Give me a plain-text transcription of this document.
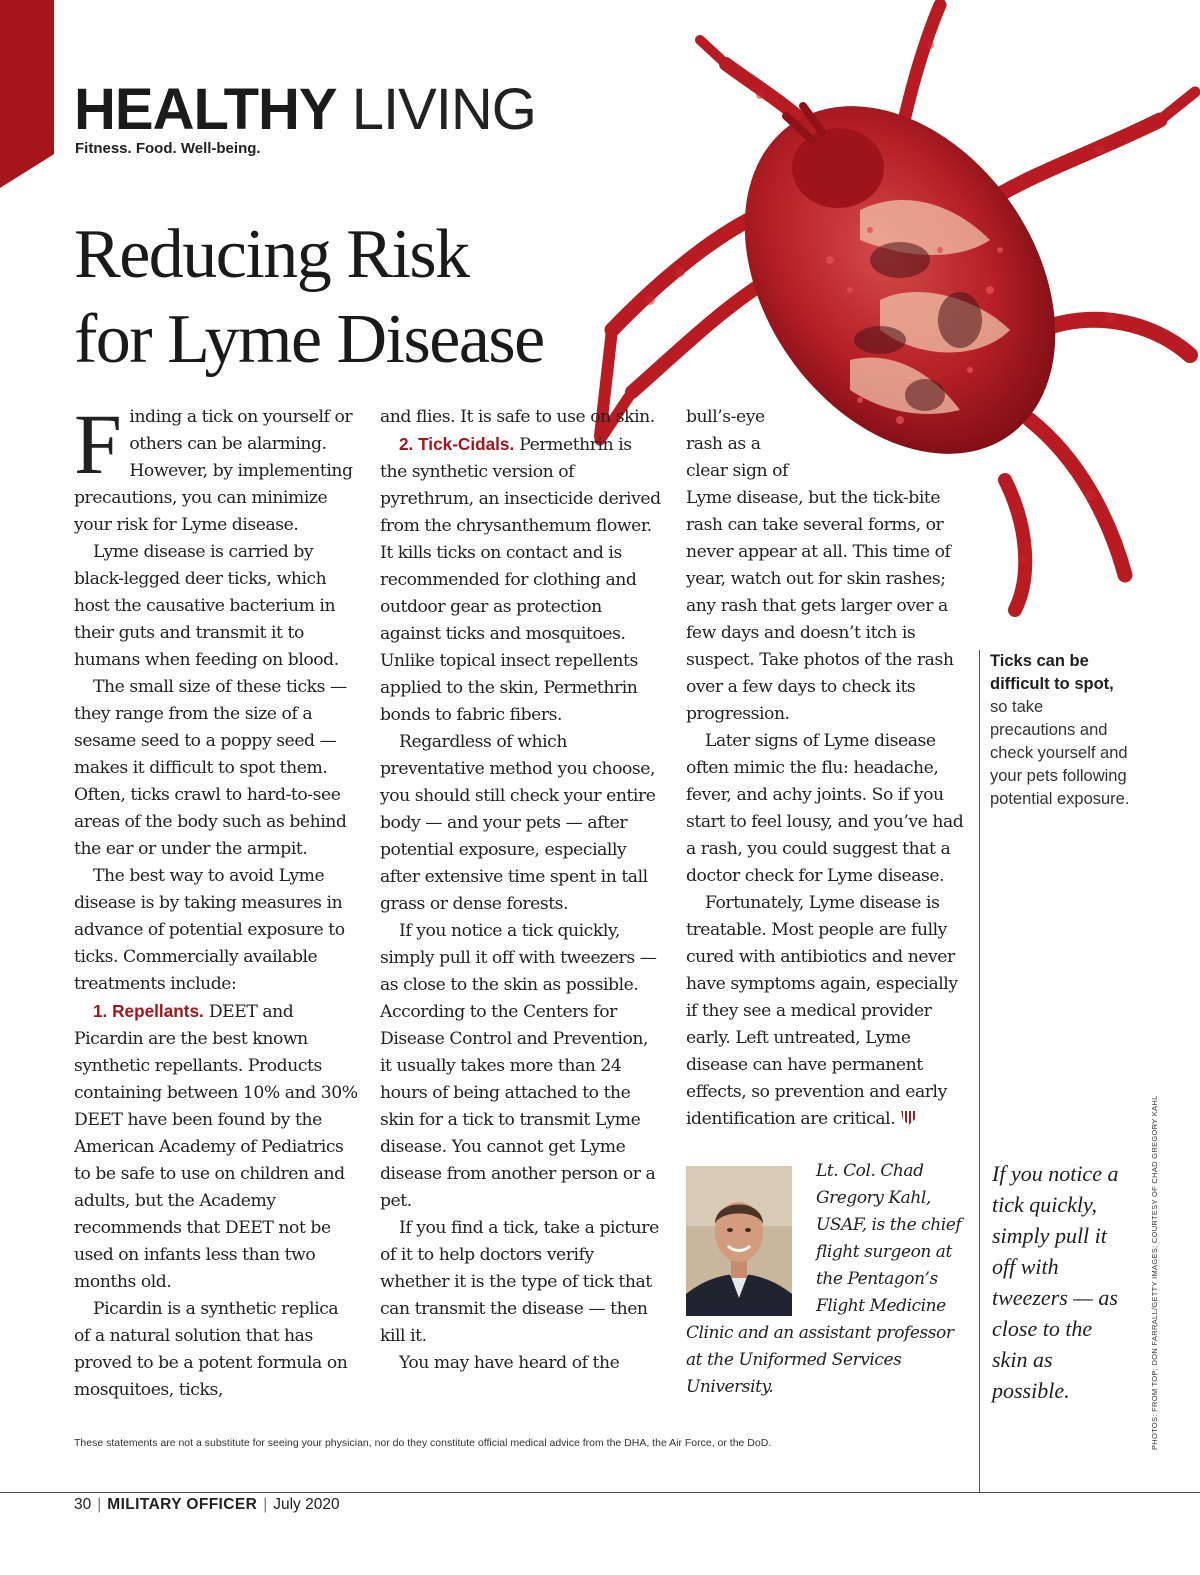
HEALTHY LIVING
Fitness. Food. Well-being.
Reducing Risk
for Lyme Disease

Finding a tick on yourself or others can be alarming. However, by implementing precautions, you can minimize your risk for Lyme disease.

Lyme disease is carried by black-legged deer ticks, which host the causative bacterium in their guts and transmit it to humans when feeding on blood.

The small size of these ticks — they range from the size of a sesame seed to a poppy seed — makes it difficult to spot them. Often, ticks crawl to hard-to-see areas of the body such as behind the ear or under the armpit.

The best way to avoid Lyme disease is by taking measures in advance of potential exposure to ticks. Commercially available treatments include:

1. Repellants. DEET and Picardin are the best known synthetic repellants. Products containing between 10% and 30% DEET have been found by the American Academy of Pediatrics to be safe to use on children and adults, but the Academy recommends that DEET not be used on infants less than two months old.

Picardin is a synthetic replica of a natural solution that has proved to be a potent formula on mosquitoes, ticks,

and flies. It is safe to use on skin.

2. Tick-Cidals. Permethrin is the synthetic version of pyrethrum, an insecticide derived from the chrysanthemum flower. It kills ticks on contact and is recommended for clothing and outdoor gear as protection against ticks and mosquitoes. Unlike topical insect repellents applied to the skin, Permethrin bonds to fabric fibers.

Regardless of which preventative method you choose, you should still check your entire body — and your pets — after potential exposure, especially after extensive time spent in tall grass or dense forests.

If you notice a tick quickly, simply pull it off with tweezers — as close to the skin as possible. According to the Centers for Disease Control and Prevention, it usually takes more than 24 hours of being attached to the skin for a tick to transmit Lyme disease. You cannot get Lyme disease from another person or a pet.

If you find a tick, take a picture of it to help doctors verify whether it is the type of tick that can transmit the disease — then kill it.

You may have heard of the

bull’s-eye
rash as a
clear sign of
Lyme disease, but the tick-bite rash can take several forms, or never appear at all. This time of year, watch out for skin rashes; any rash that gets larger over a few days and doesn’t itch is suspect. Take photos of the rash over a few days to check its progression.

Later signs of Lyme disease often mimic the flu: headache, fever, and achy joints. So if you start to feel lousy, and you’ve had a rash, you could suggest that a doctor check for Lyme disease.

Fortunately, Lyme disease is treatable. Most people are fully cured with antibiotics and never have symptoms again, especially if they see a medical provider early. Left untreated, Lyme disease can have permanent effects, so prevention and early identification are critical.

Lt. Col. Chad Gregory Kahl, USAF, is the chief flight surgeon at the Pentagon’s Flight Medicine Clinic and an assistant professor at the Uniformed Services University.
Ticks can be difficult to spot, so take precautions and check yourself and your pets following potential exposure.
If you notice a tick quickly, simply pull it off with tweezers — as close to the skin as possible.	PHOTOS: FROM TOP: DON FARRALL/GETTY IMAGES; COURTESY OF CHAD GREGORY KAHL
These statements are not a substitute for seeing your physician, nor do they constitute official medical advice from the DHA, the Air Force, or the DoD.
30 | MILITARY OFFICER | July 2020
